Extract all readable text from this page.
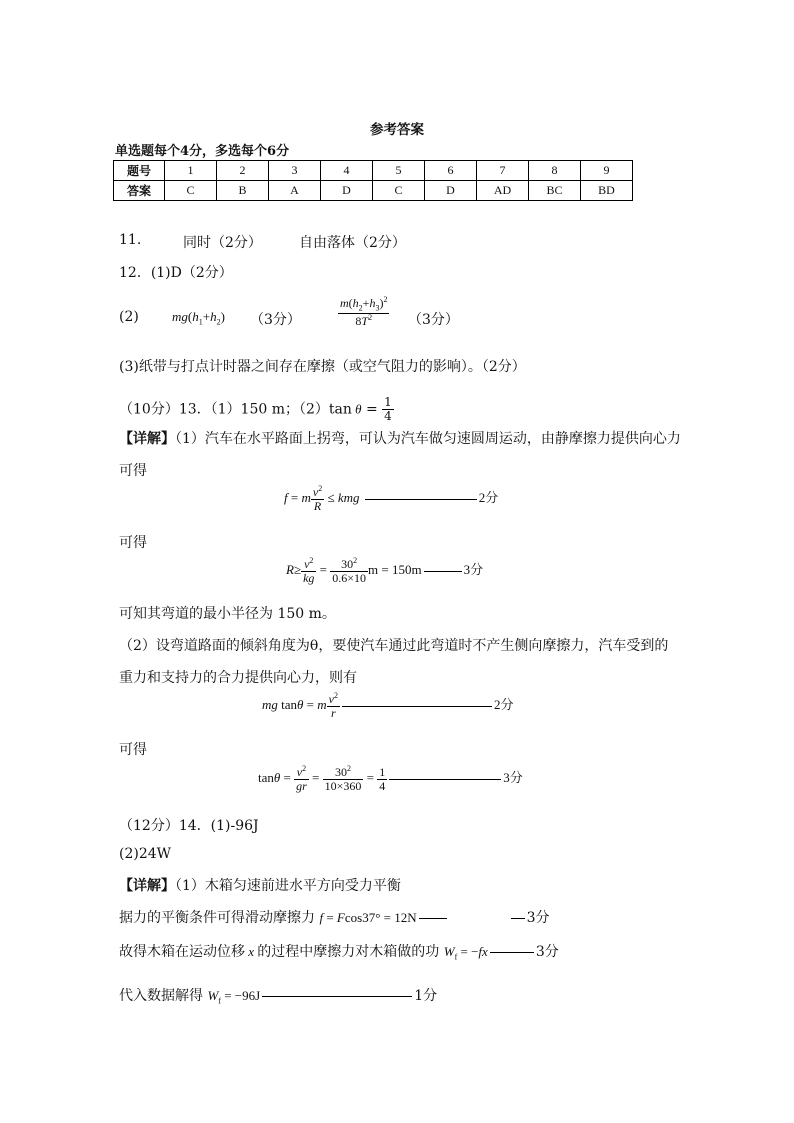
参考答案
单选题每个4分，多选每个6分
题号	1	2	3	4	5	6	7	8	9
答案	C	B	A	D	C	D	AD	BC	BD
11.	同时（2分）	自由落体（2分）
12．(1)D（2分）
(2)	$mg(h_1+h_2)$ （3分）	$\frac{m(h_2+h_3)^2}{8T^2} (3$分）
(3)纸带与打点计时器之间存在摩擦（或空气阻力的影响）。（2分）
（10分）13．（1）150 m；（2）tan $\theta = \frac{1}{4}$
【详解】（1）汽车在水平路面上拐弯，可认为汽车做匀速圆周运动，由静摩擦力提供向心力
可得
f = m $\frac{v^2}{R}$ ≤ kmg	2分
可得
$R\ge \frac{v^2}{kg} = \frac{30^2}{0.6\times 10}$ m = 150m	3分
可知其弯道的最小半径为 150 m。
（2）设弯道路面的倾斜角度为θ，要使汽车通过此弯道时不产生侧向摩擦力，汽车受到的
重力和支持力的合力提供向心力，则有
mg tanθ = m $\frac{v^2}{r}$	2分
可得
$\tan\theta = \frac{v^2}{gr} = \frac{30^2}{10\times 360} = \frac{1}{4}$	3分
（12分）14．(1)-96J
(2)24W
【详解】（1）木箱匀速前进水平方向受力平衡
据力的平衡条件可得滑动摩擦力 f = Fcos37° = 12N	3分
故得木箱在运动位移 x 的过程中摩擦力对木箱做的功 $W_f = -fx$	3分
代入数据解得 $W_f = -96J$	1分
